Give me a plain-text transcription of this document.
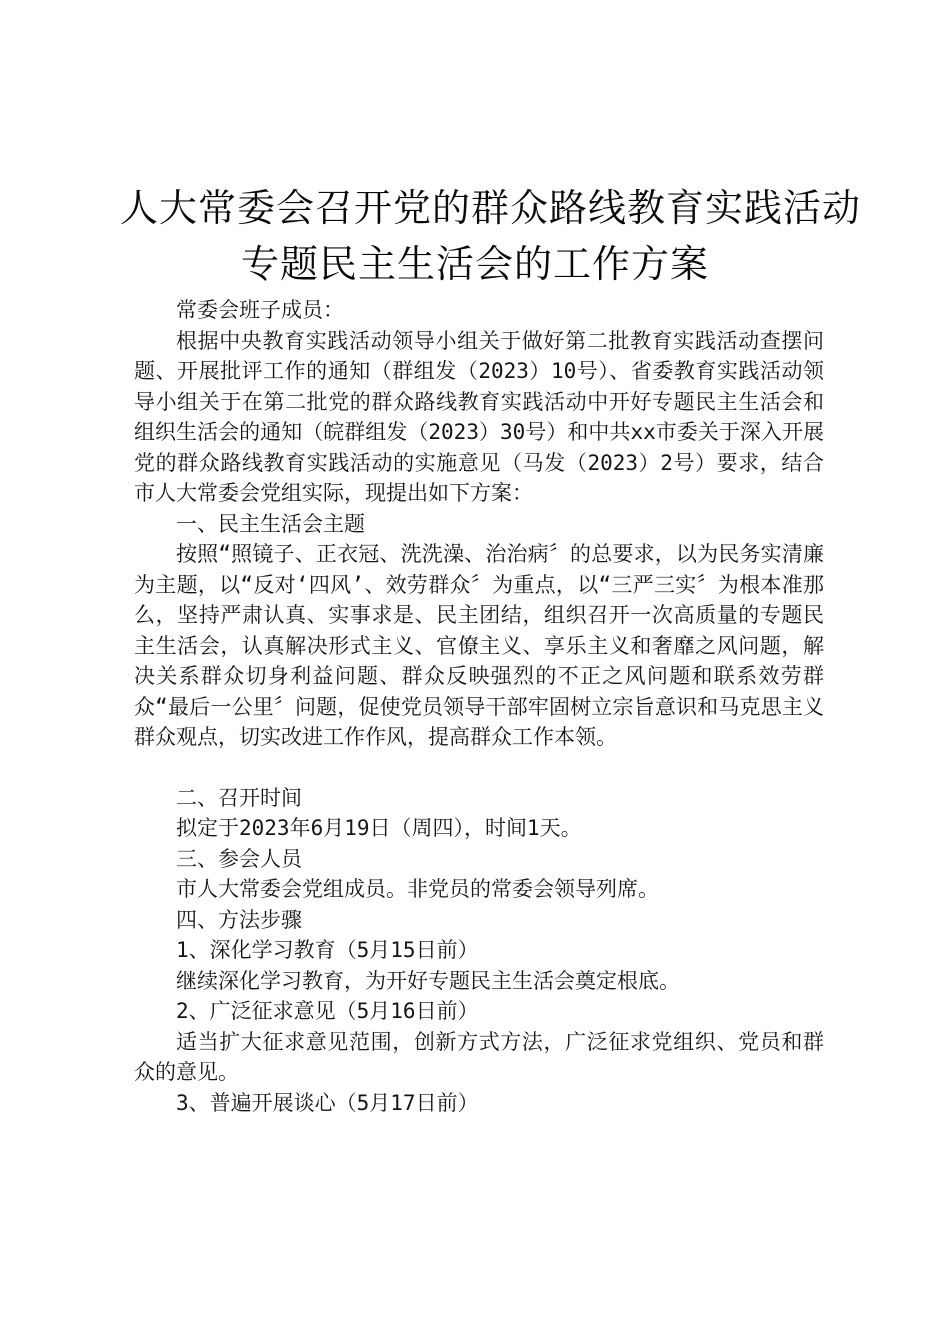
人大常委会召开党的群众路线教育实践活动
专题民主生活会的工作方案

常委会班子成员：

根据中央教育实践活动领导小组关于做好第二批教育实践活动查摆问题、开展批评工作的通知（群组发（2023）10号）、省委教育实践活动领导小组关于在第二批党的群众路线教育实践活动中开好专题民主生活会和组织生活会的通知（皖群组发（2023）30号）和中共xx市委关于深入开展党的群众路线教育实践活动的实施意见（马发（2023）2号）要求，结合市人大常委会党组实际，现提出如下方案：

一、民主生活会主题

按照“照镜子、正衣冠、洗洗澡、治治病〞的总要求，以为民务实清廉为主题，以“反对‘四风’、效劳群众〞为重点，以“三严三实〞为根本准那么，坚持严肃认真、实事求是、民主团结，组织召开一次高质量的专题民主生活会，认真解决形式主义、官僚主义、享乐主义和奢靡之风问题，解决关系群众切身利益问题、群众反映强烈的不正之风问题和联系效劳群众“最后一公里〞问题，促使党员领导干部牢固树立宗旨意识和马克思主义群众观点，切实改进工作作风，提高群众工作本领。

二、召开时间

拟定于2023年6月19日（周四），时间1天。

三、参会人员

市人大常委会党组成员。非党员的常委会领导列席。

四、方法步骤

1、深化学习教育（5月15日前）

继续深化学习教育，为开好专题民主生活会奠定根底。

2、广泛征求意见（5月16日前）

适当扩大征求意见范围，创新方式方法，广泛征求党组织、党员和群众的意见。

3、普遍开展谈心（5月17日前）
